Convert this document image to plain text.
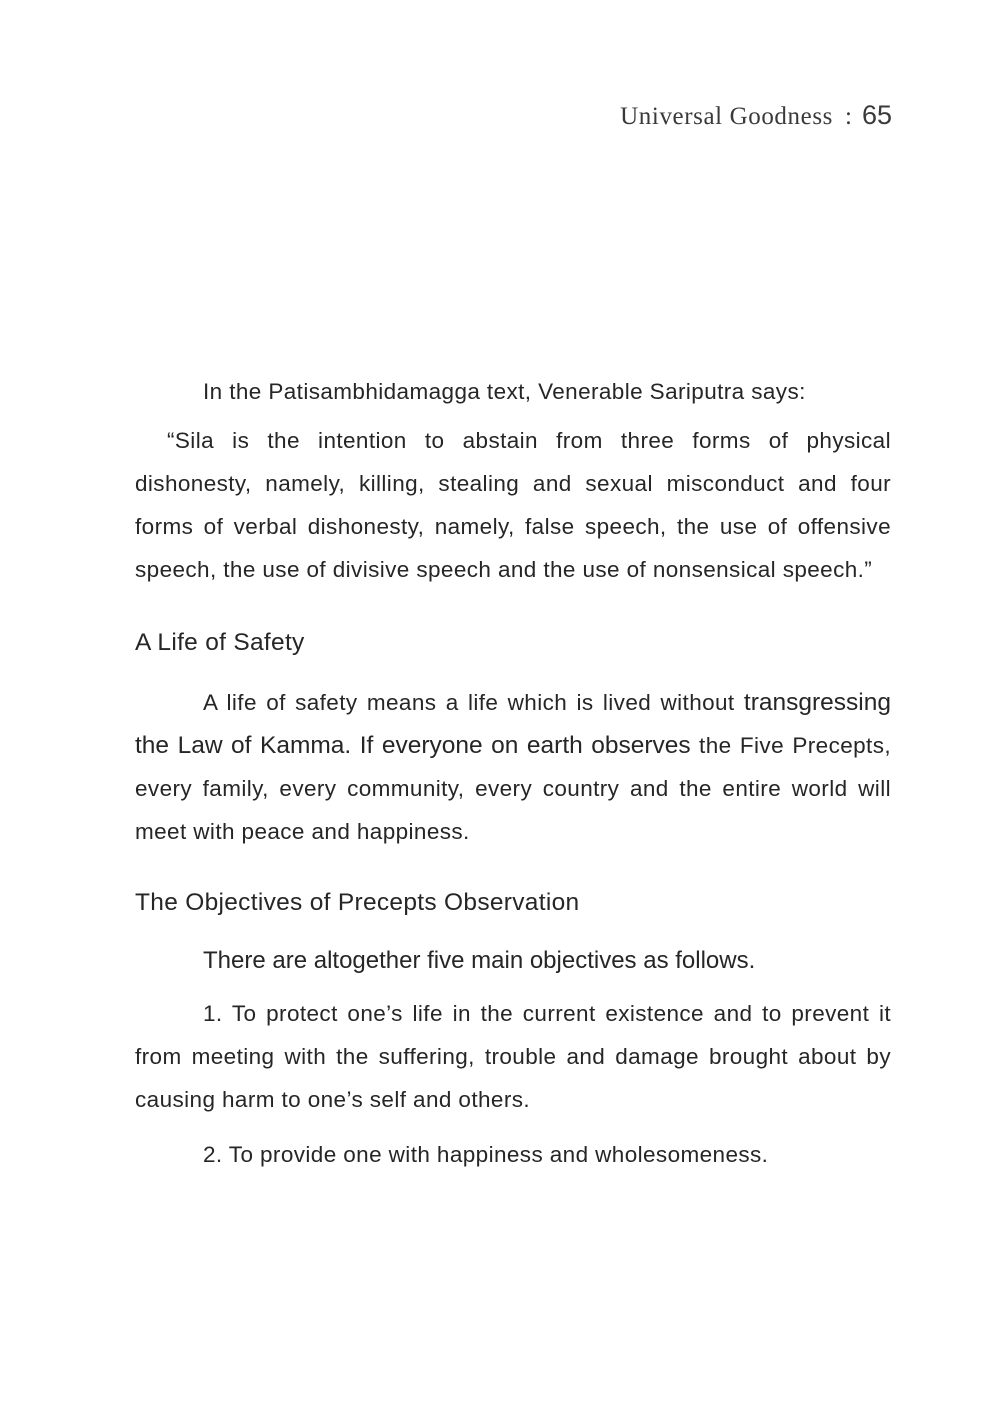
Universal Goodness : 65

In the Patisambhidamagga text, Venerable Sariputra says:

“Sila is the intention to abstain from three forms of physical dishonesty, namely, killing, stealing and sexual misconduct and four forms of verbal dishonesty, namely, false speech, the use of offensive speech, the use of divisive speech and the use of nonsensical speech.”

A Life of Safety

A life of safety means a life which is lived without transgressing the Law of Kamma. If everyone on earth observes the Five Precepts, every family, every community, every country and the entire world will meet with peace and happiness.

The Objectives of Precepts Observation

There are altogether five main objectives as follows.

1. To protect one’s life in the current existence and to prevent it from meeting with the suffering, trouble and damage brought about by causing harm to one’s self and others.

2. To provide one with happiness and wholesomeness.
